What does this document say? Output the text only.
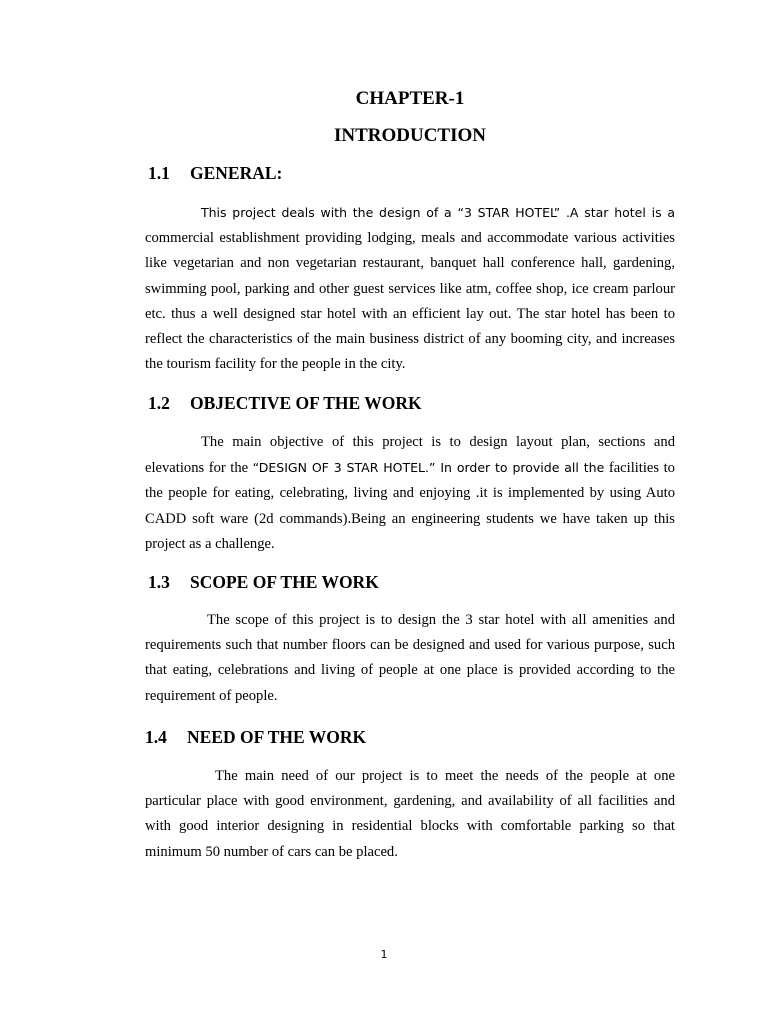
CHAPTER-1
INTRODUCTION
1.1 GENERAL:

This project deals with the design of a “3 STAR HOTEL” .A star hotel is a commercial establishment providing lodging, meals and accommodate various activities like vegetarian and non vegetarian restaurant, banquet hall conference hall, gardening, swimming pool, parking and other guest services like atm, coffee shop, ice cream parlour etc. thus a well designed star hotel with an efficient lay out. The star hotel has been to reflect the characteristics of the main business district of any booming city, and increases the tourism facility for the people in the city.

1.2 OBJECTIVE OF THE WORK

The main objective of this project is to design layout plan, sections and elevations for the “DESIGN OF 3 STAR HOTEL.” In order to provide all the facilities to the people for eating, celebrating, living and enjoying .it is implemented by using Auto CADD soft ware (2d commands).Being an engineering students we have taken up this project as a challenge.

1.3 SCOPE OF THE WORK

The scope of this project is to design the 3 star hotel with all amenities and requirements such that number floors can be designed and used for various purpose, such that eating, celebrations and living of people at one place is provided according to the requirement of people.

1.4 NEED OF THE WORK

The main need of our project is to meet the needs of the people at one particular place with good environment, gardening, and availability of all facilities and with good interior designing in residential blocks with comfortable parking so that minimum 50 number of cars can be placed.

1
